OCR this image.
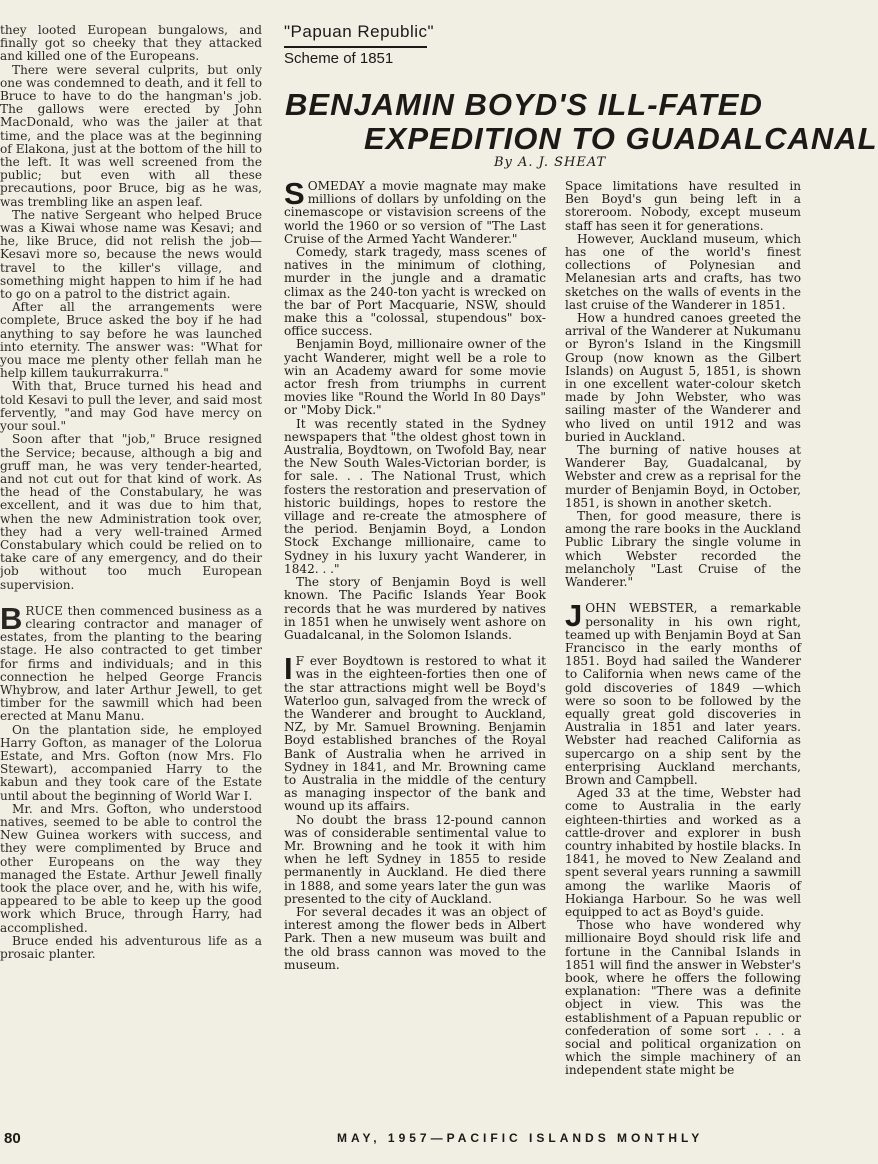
"Papuan Republic"
Scheme of 1851
BENJAMIN BOYD'S ILL-FATED
EXPEDITION TO GUADALCANAL
By A. J. SHEAT

they looted European bungalows, and finally got so cheeky that they attacked and killed one of the Europeans.

There were several culprits, but only one was condemned to death, and it fell to Bruce to have to do the hangman's job. The gallows were erected by John MacDonald, who was the jailer at that time, and the place was at the beginning of Elakona, just at the bottom of the hill to the left. It was well screened from the public; but even with all these precautions, poor Bruce, big as he was, was trembling like an aspen leaf.

The native Sergeant who helped Bruce was a Kiwai whose name was Kesavi; and he, like Bruce, did not relish the job—Kesavi more so, because the news would travel to the killer's village, and something might happen to him if he had to go on a patrol to the district again.

After all the arrangements were complete, Bruce asked the boy if he had anything to say before he was launched into eternity. The answer was: "What for you mace me plenty other fellah man he help killem taukurrakurra."

With that, Bruce turned his head and told Kesavi to pull the lever, and said most fervently, "and may God have mercy on your soul."

Soon after that "job," Bruce resigned the Service; because, although a big and gruff man, he was very tender-hearted, and not cut out for that kind of work. As the head of the Constabulary, he was excellent, and it was due to him that, when the new Administration took over, they had a very well-trained Armed Constabulary which could be relied on to take care of any emergency, and do their job without too much European supervision.

BRUCE then commenced business as a clearing contractor and manager of estates, from the planting to the bearing stage. He also contracted to get timber for firms and individuals; and in this connection he helped George Francis Whybrow, and later Arthur Jewell, to get timber for the sawmill which had been erected at Manu Manu.

On the plantation side, he employed Harry Gofton, as manager of the Lolorua Estate, and Mrs. Gofton (now Mrs. Flo Stewart), accompanied Harry to the kabun and they took care of the Estate until about the beginning of World War I.

Mr. and Mrs. Gofton, who understood natives, seemed to be able to control the New Guinea workers with success, and they were complimented by Bruce and other Europeans on the way they managed the Estate. Arthur Jewell finally took the place over, and he, with his wife, appeared to be able to keep up the good work which Bruce, through Harry, had accomplished.

Bruce ended his adventurous life as a prosaic planter.

SOMEDAY a movie magnate may make millions of dollars by unfolding on the cinemascope or vistavision screens of the world the 1960 or so version of "The Last Cruise of the Armed Yacht Wanderer."

Comedy, stark tragedy, mass scenes of natives in the minimum of clothing, murder in the jungle and a dramatic climax as the 240-ton yacht is wrecked on the bar of Port Macquarie, NSW, should make this a "colossal, stupendous" box-office success.

Benjamin Boyd, millionaire owner of the yacht Wanderer, might well be a role to win an Academy award for some movie actor fresh from triumphs in current movies like "Round the World In 80 Days" or "Moby Dick."

It was recently stated in the Sydney newspapers that "the oldest ghost town in Australia, Boydtown, on Twofold Bay, near the New South Wales-Victorian border, is for sale. . . The National Trust, which fosters the restoration and preservation of historic buildings, hopes to restore the village and re-create the atmosphere of the period. Benjamin Boyd, a London Stock Exchange millionaire, came to Sydney in his luxury yacht Wanderer, in 1842. . ."

The story of Benjamin Boyd is well known. The Pacific Islands Year Book records that he was murdered by natives in 1851 when he unwisely went ashore on Guadalcanal, in the Solomon Islands.

I F ever Boydtown is restored to what it was in the eighteen-forties then one of the star attractions might well be Boyd's Waterloo gun, salvaged from the wreck of the Wanderer and brought to Auckland, NZ, by Mr. Samuel Browning. Benjamin Boyd established branches of the Royal Bank of Australia when he arrived in Sydney in 1841, and Mr. Browning came to Australia in the middle of the century as managing inspector of the bank and wound up its affairs.

No doubt the brass 12-pound cannon was of considerable sentimental value to Mr. Browning and he took it with him when he left Sydney in 1855 to reside permanently in Auckland. He died there in 1888, and some years later the gun was presented to the city of Auckland.

For several decades it was an object of interest among the flower beds in Albert Park. Then a new museum was built and the old brass cannon was moved to the museum.

Space limitations have resulted in Ben Boyd's gun being left in a storeroom. Nobody, except museum staff has seen it for generations.

However, Auckland museum, which has one of the world's finest collections of Polynesian and Melanesian arts and crafts, has two sketches on the walls of events in the last cruise of the Wanderer in 1851.

How a hundred canoes greeted the arrival of the Wanderer at Nukumanu or Byron's Island in the Kingsmill Group (now known as the Gilbert Islands) on August 5, 1851, is shown in one excellent water-colour sketch made by John Webster, who was sailing master of the Wanderer and who lived on until 1912 and was buried in Auckland.

The burning of native houses at Wanderer Bay, Guadalcanal, by Webster and crew as a reprisal for the murder of Benjamin Boyd, in October, 1851, is shown in another sketch.

Then, for good measure, there is among the rare books in the Auckland Public Library the single volume in which Webster recorded the melancholy "Last Cruise of the Wanderer."

JOHN WEBSTER, a remarkable personality in his own right, teamed up with Benjamin Boyd at San Francisco in the early months of 1851. Boyd had sailed the Wanderer to California when news came of the gold discoveries of 1849 —which were so soon to be followed by the equally great gold discoveries in Australia in 1851 and later years. Webster had reached California as supercargo on a ship sent by the enterprising Auckland merchants, Brown and Campbell.

Aged 33 at the time, Webster had come to Australia in the early eighteen-thirties and worked as a cattle-drover and explorer in bush country inhabited by hostile blacks. In 1841, he moved to New Zealand and spent several years running a sawmill among the warlike Maoris of Hokianga Harbour. So he was well equipped to act as Boyd's guide.

Those who have wondered why millionaire Boyd should risk life and fortune in the Cannibal Islands in 1851 will find the answer in Webster's book, where he offers the following explanation: "There was a definite object in view. This was the establishment of a Papuan republic or confederation of some sort . . . a social and political organization on which the simple machinery of an independent state might be

80	MAY, 1957—PACIFIC ISLANDS MONTHLY
